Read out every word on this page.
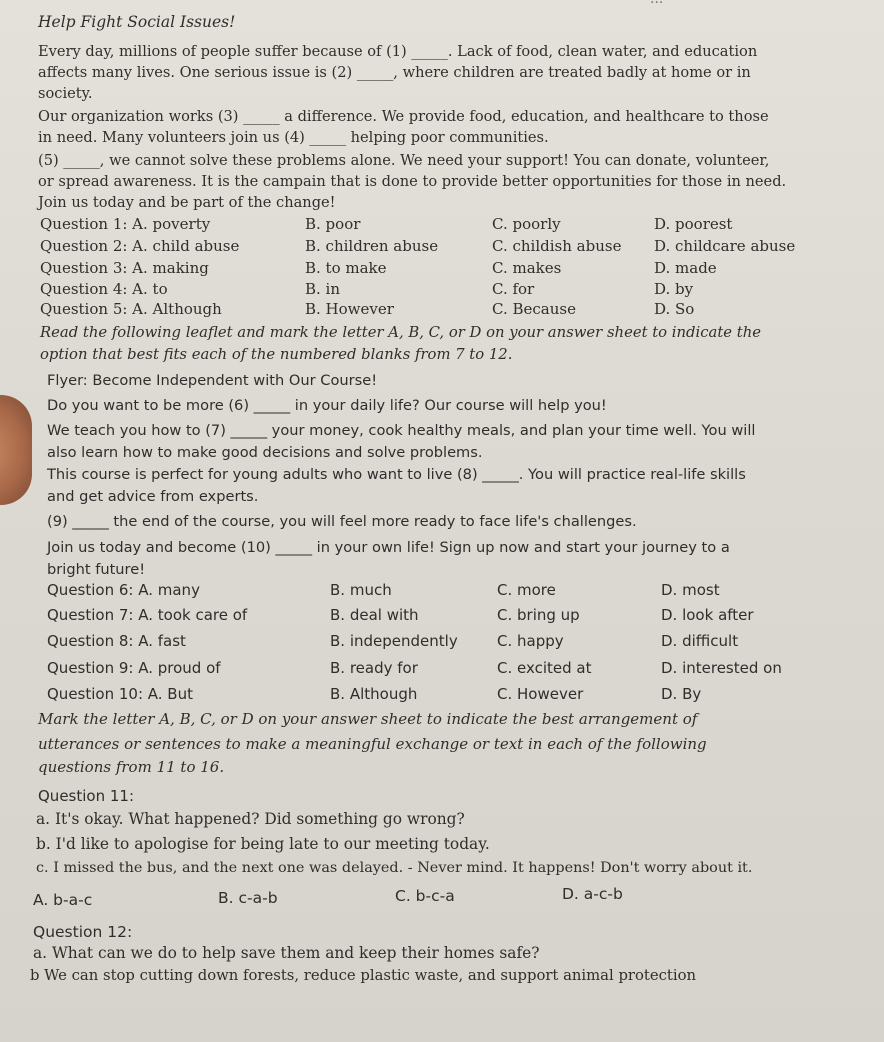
Help Fight Social Issues!
Every day, millions of people suffer because of (1) _____. Lack of food, clean water, and education
affects many lives. One serious issue is (2) _____, where children are treated badly at home or in
society.
Our organization works (3) _____ a difference. We provide food, education, and healthcare to those
in need. Many volunteers join us (4) _____ helping poor communities.
(5) _____, we cannot solve these problems alone. We need your support! You can donate, volunteer,
or spread awareness. It is the campain that is done to provide better opportunities for those in need.
Join us today and be part of the change!
Question 1: A. poverty	B. poor	C. poorly	D. poorest
Question 2: A. child abuse	B. children abuse	C. childish abuse D. childcare abuse
Question 3: A. making	B. to make	C. makes	D. made
Question 4: A. to	B. in	C. for	D. by
Question 5: A. Although	B. However	C. Because	D. So
Read the following leaflet and mark the letter A, B, C, or D on your answer sheet to indicate the
option that best fits each of the numbered blanks from 7 to 12.
Flyer: Become Independent with Our Course!
Do you want to be more (6) _____ in your daily life? Our course will help you!
We teach you how to (7) _____ your money, cook healthy meals, and plan your time well. You will
also learn how to make good decisions and solve problems.
This course is perfect for young adults who want to live (8) _____. You will practice real-life skills
and get advice from experts.
(9) _____ the end of the course, you will feel more ready to face life's challenges.
Join us today and become (10) _____ in your own life! Sign up now and start your journey to a
bright future!
Question 6: A. many	B. much	C. more	D. most
Question 7: A. took care of	B. deal with	C. bring up	D. look after
Question 8: A. fast	B. independently	C. happy	D. difficult
Question 9: A. proud of	B. ready for	C. excited at	D. interested on
Question 10: A. But	B. Although	C. However	D. By
Mark the letter A, B, C, or D on your answer sheet to indicate the best arrangement of
utterances or sentences to make a meaningful exchange or text in each of the following
questions from 11 to 16.
Question 11:
a. It's okay. What happened? Did something go wrong?
b. I'd like to apologise for being late to our meeting today.
c. I missed the bus, and the next one was delayed. - Never mind. It happens! Don't worry about it.
A. b-a-c	B. c-a-b	C. b-c-a	D. a-c-b
Question 12:
a. What can we do to help save them and keep their homes safe?
b We can stop cutting down forests, reduce plastic waste, and support animal protection
